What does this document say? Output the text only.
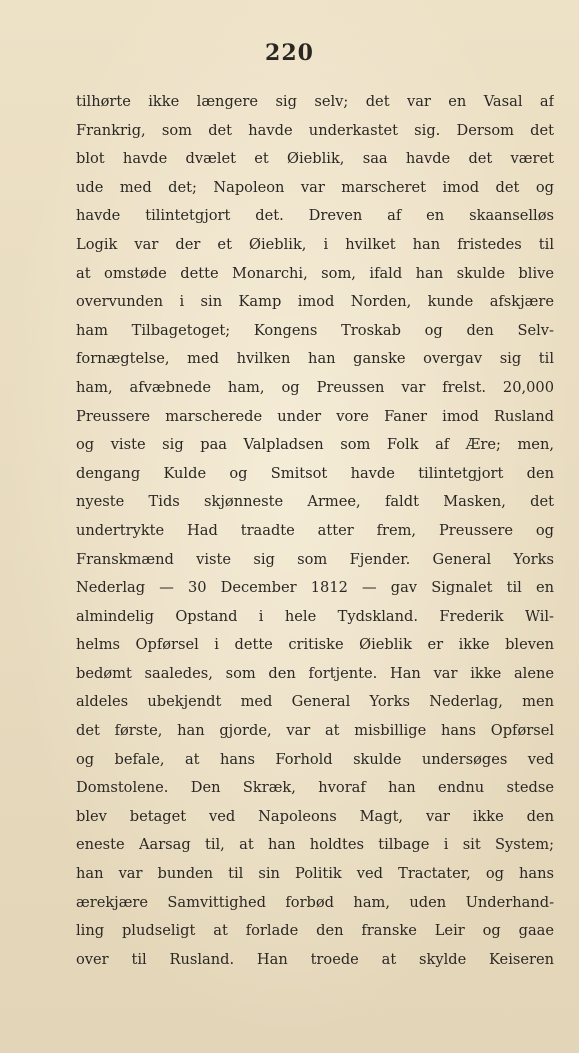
220
tilhørte ikke længere sig selv; det var en Vasal af
Frankrig, som det havde underkastet sig. Dersom det
blot havde dvælet et Øieblik, saa havde det været
ude med det; Napoleon var marscheret imod det og
havde tilintetgjort det. Dreven af en skaanselløs
Logik var der et Øieblik, i hvilket han fristedes til
at omstøde dette Monarchi, som, ifald han skulde blive
overvunden i sin Kamp imod Norden, kunde afskjære
ham Tilbagetoget; Kongens Troskab og den Selv-
fornægtelse, med hvilken han ganske overgav sig til
ham, afvæbnede ham, og Preussen var frelst. 20,000
Preussere marscherede under vore Faner imod Rusland
og viste sig paa Valpladsen som Folk af Ære; men,
dengang Kulde og Smitsot havde tilintetgjort den
nyeste Tids skjønneste Armee, faldt Masken, det
undertrykte Had traadte atter frem, Preussere og
Franskmænd viste sig som Fjender. General Yorks
Nederlag — 30 December 1812 — gav Signalet til en
almindelig Opstand i hele Tydskland. Frederik Wil-
helms Opførsel i dette critiske Øieblik er ikke bleven
bedømt saaledes, som den fortjente. Han var ikke alene
aldeles ubekjendt med General Yorks Nederlag, men
det første, han gjorde, var at misbillige hans Opførsel
og befale, at hans Forhold skulde undersøges ved
Domstolene. Den Skræk, hvoraf han endnu stedse
blev betaget ved Napoleons Magt, var ikke den
eneste Aarsag til, at han holdtes tilbage i sit System;
han var bunden til sin Politik ved Tractater, og hans
ærekjære Samvittighed forbød ham, uden Underhand-
ling pludseligt at forlade den franske Leir og gaae
over til Rusland. Han troede at skylde Keiseren
